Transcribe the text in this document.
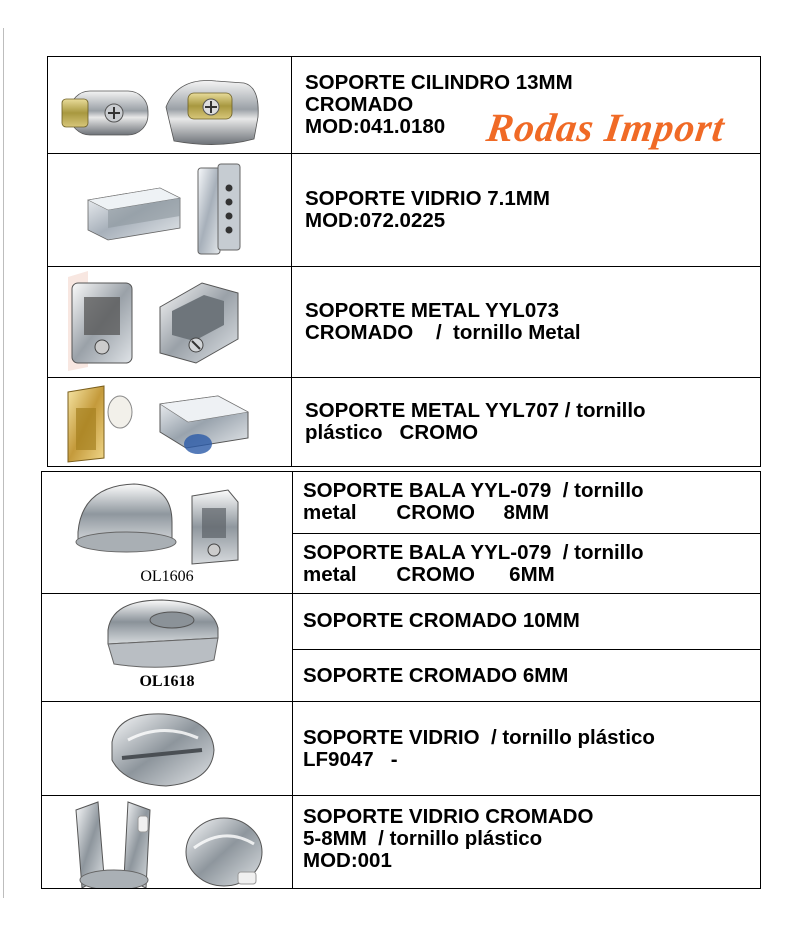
SOPORTE CILINDRO 13MM
CROMADO
MOD:041.0180

SOPORTE VIDRIO 7.1MM
MOD:072.0225

SOPORTE METAL YYL073
CROMADO    /  tornillo Metal

SOPORTE METAL YYL707 / tornillo
plástico   CROMO

Rodas Import
OL1606

SOPORTE BALA YYL-079  / tornillo
metal       CROMO     8MM

SOPORTE BALA YYL-079  / tornillo
metal       CROMO      6MM

OL1618

SOPORTE CROMADO 10MM

SOPORTE CROMADO 6MM

SOPORTE VIDRIO  / tornillo plástico
LF9047   -

SOPORTE VIDRIO CROMADO
5-8MM  / tornillo plástico
MOD:001
